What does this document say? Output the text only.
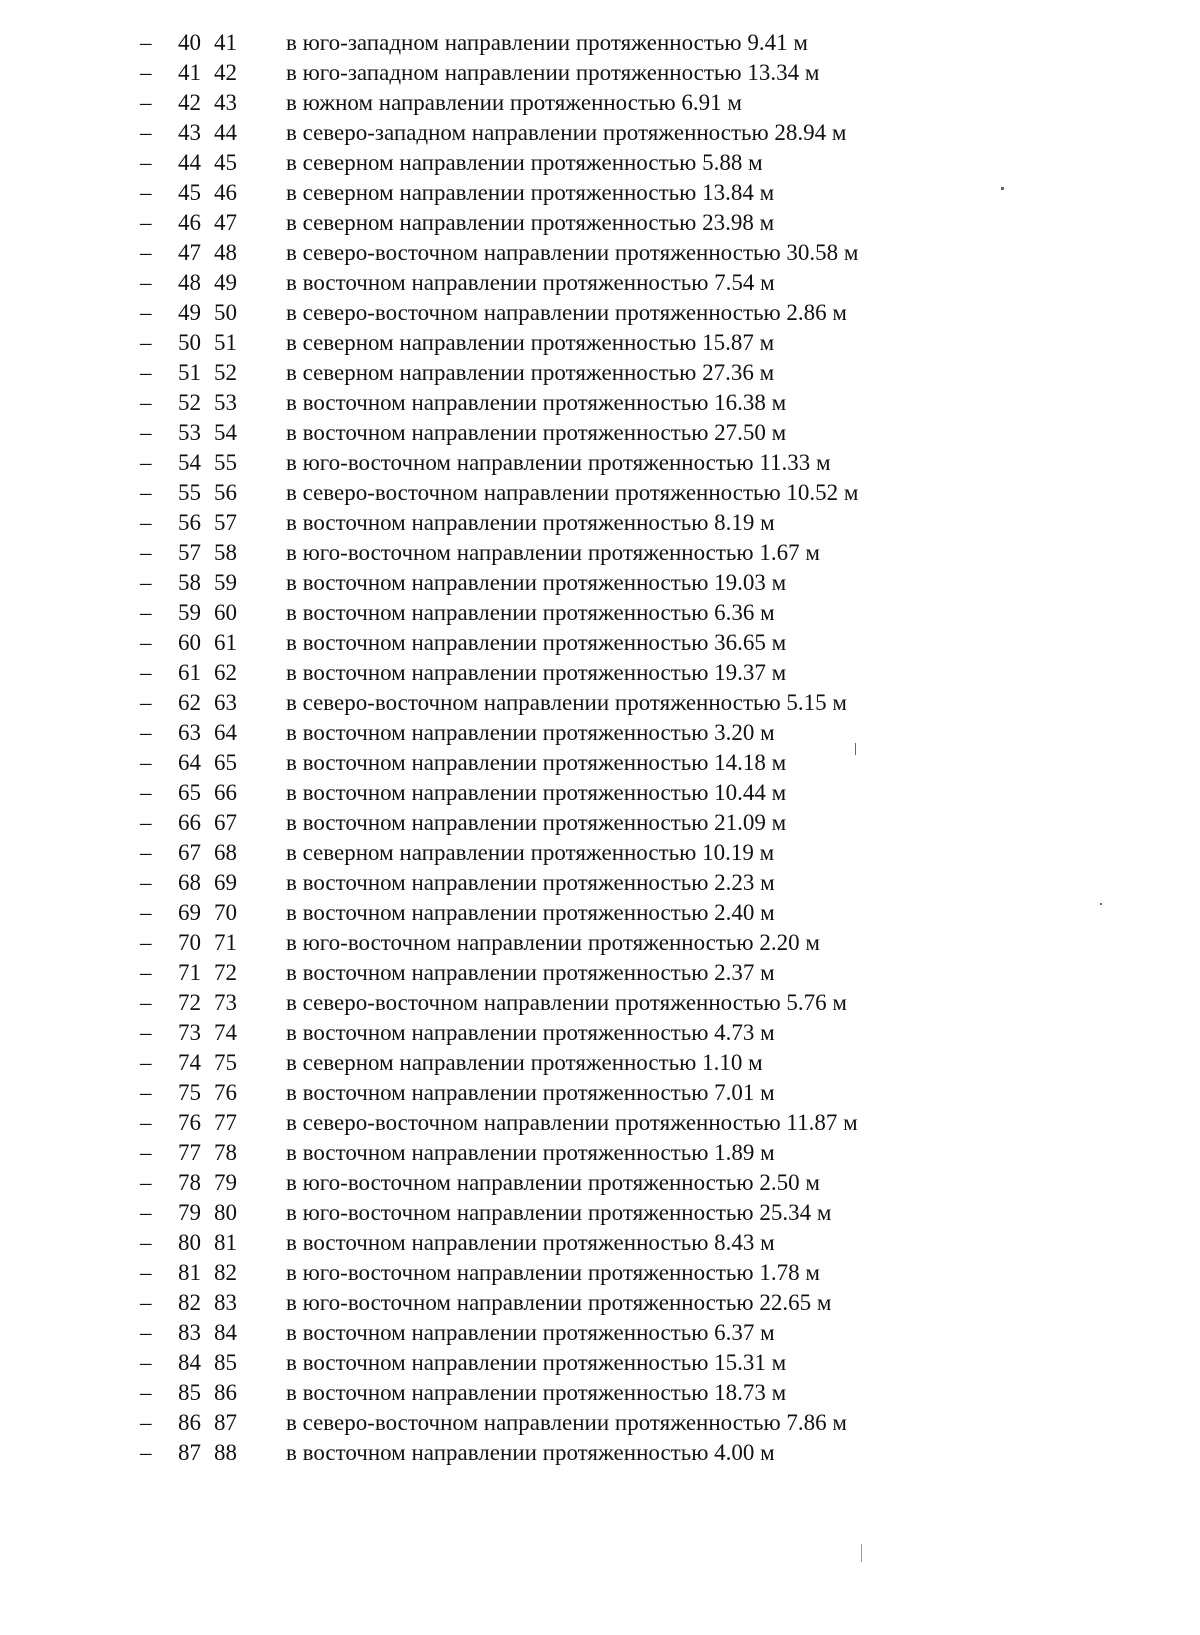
– 40 41 в юго-западном направлении протяженностью 9.41 м
– 41 42 в юго-западном направлении протяженностью 13.34 м
– 42 43 в южном направлении протяженностью 6.91 м
– 43 44 в северо-западном направлении протяженностью 28.94 м
– 44 45 в северном направлении протяженностью 5.88 м
– 45 46 в северном направлении протяженностью 13.84 м
– 46 47 в северном направлении протяженностью 23.98 м
– 47 48 в северо-восточном направлении протяженностью 30.58 м
– 48 49 в восточном направлении протяженностью 7.54 м
– 49 50 в северо-восточном направлении протяженностью 2.86 м
– 50 51 в северном направлении протяженностью 15.87 м
– 51 52 в северном направлении протяженностью 27.36 м
– 52 53 в восточном направлении протяженностью 16.38 м
– 53 54 в восточном направлении протяженностью 27.50 м
– 54 55 в юго-восточном направлении протяженностью 11.33 м
– 55 56 в северо-восточном направлении протяженностью 10.52 м
– 56 57 в восточном направлении протяженностью 8.19 м
– 57 58 в юго-восточном направлении протяженностью 1.67 м
– 58 59 в восточном направлении протяженностью 19.03 м
– 59 60 в восточном направлении протяженностью 6.36 м
– 60 61 в восточном направлении протяженностью 36.65 м
– 61 62 в восточном направлении протяженностью 19.37 м
– 62 63 в северо-восточном направлении протяженностью 5.15 м
– 63 64 в восточном направлении протяженностью 3.20 м
– 64 65 в восточном направлении протяженностью 14.18 м
– 65 66 в восточном направлении протяженностью 10.44 м
– 66 67 в восточном направлении протяженностью 21.09 м
– 67 68 в северном направлении протяженностью 10.19 м
– 68 69 в восточном направлении протяженностью 2.23 м
– 69 70 в восточном направлении протяженностью 2.40 м
– 70 71 в юго-восточном направлении протяженностью 2.20 м
– 71 72 в восточном направлении протяженностью 2.37 м
– 72 73 в северо-восточном направлении протяженностью 5.76 м
– 73 74 в восточном направлении протяженностью 4.73 м
– 74 75 в северном направлении протяженностью 1.10 м
– 75 76 в восточном направлении протяженностью 7.01 м
– 76 77 в северо-восточном направлении протяженностью 11.87 м
– 77 78 в восточном направлении протяженностью 1.89 м
– 78 79 в юго-восточном направлении протяженностью 2.50 м
– 79 80 в юго-восточном направлении протяженностью 25.34 м
– 80 81 в восточном направлении протяженностью 8.43 м
– 81 82 в юго-восточном направлении протяженностью 1.78 м
– 82 83 в юго-восточном направлении протяженностью 22.65 м
– 83 84 в восточном направлении протяженностью 6.37 м
– 84 85 в восточном направлении протяженностью 15.31 м
– 85 86 в восточном направлении протяженностью 18.73 м
– 86 87 в северо-восточном направлении протяженностью 7.86 м
– 87 88 в восточном направлении протяженностью 4.00 м
